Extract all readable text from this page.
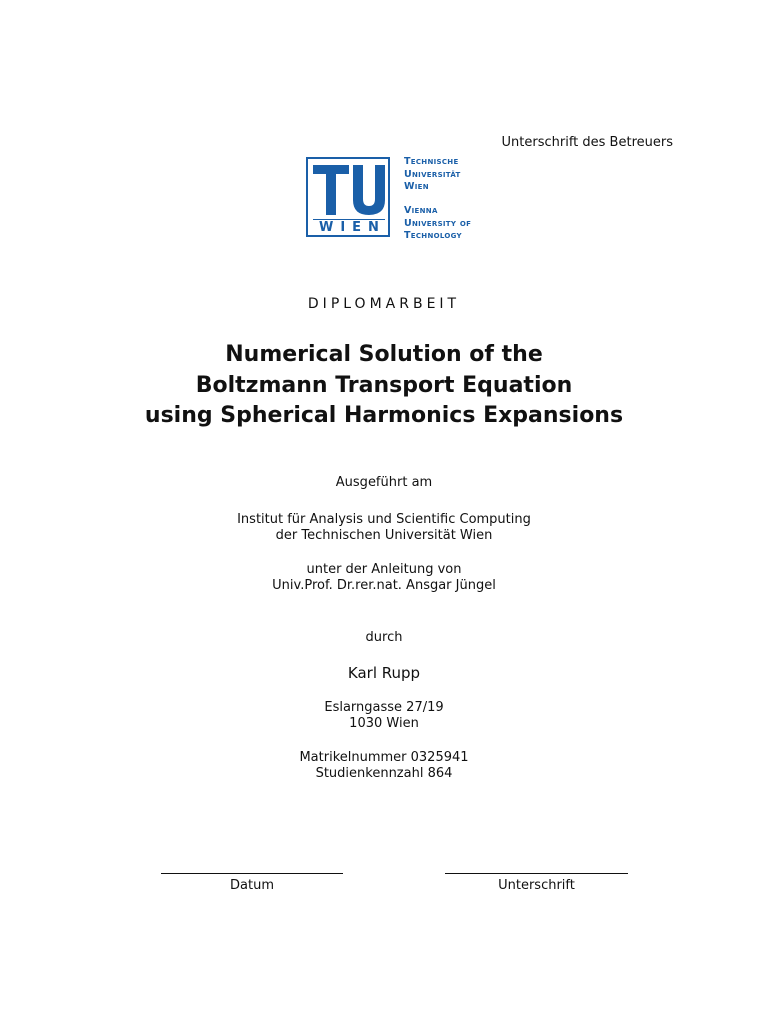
Unterschrift des Betreuers
WIEN
Technische
Universität
Wien
Vienna
University of
Technology
DIPLOMARBEIT
Numerical Solution of the
Boltzmann Transport Equation
using Spherical Harmonics Expansions
Ausgeführt am
Institut für Analysis und Scientific Computing
der Technischen Universität Wien
unter der Anleitung von
Univ.Prof. Dr.rer.nat. Ansgar Jüngel
durch
Karl Rupp
Eslarngasse 27/19
1030 Wien
Matrikelnummer 0325941
Studienkennzahl 864
Datum	Unterschrift
